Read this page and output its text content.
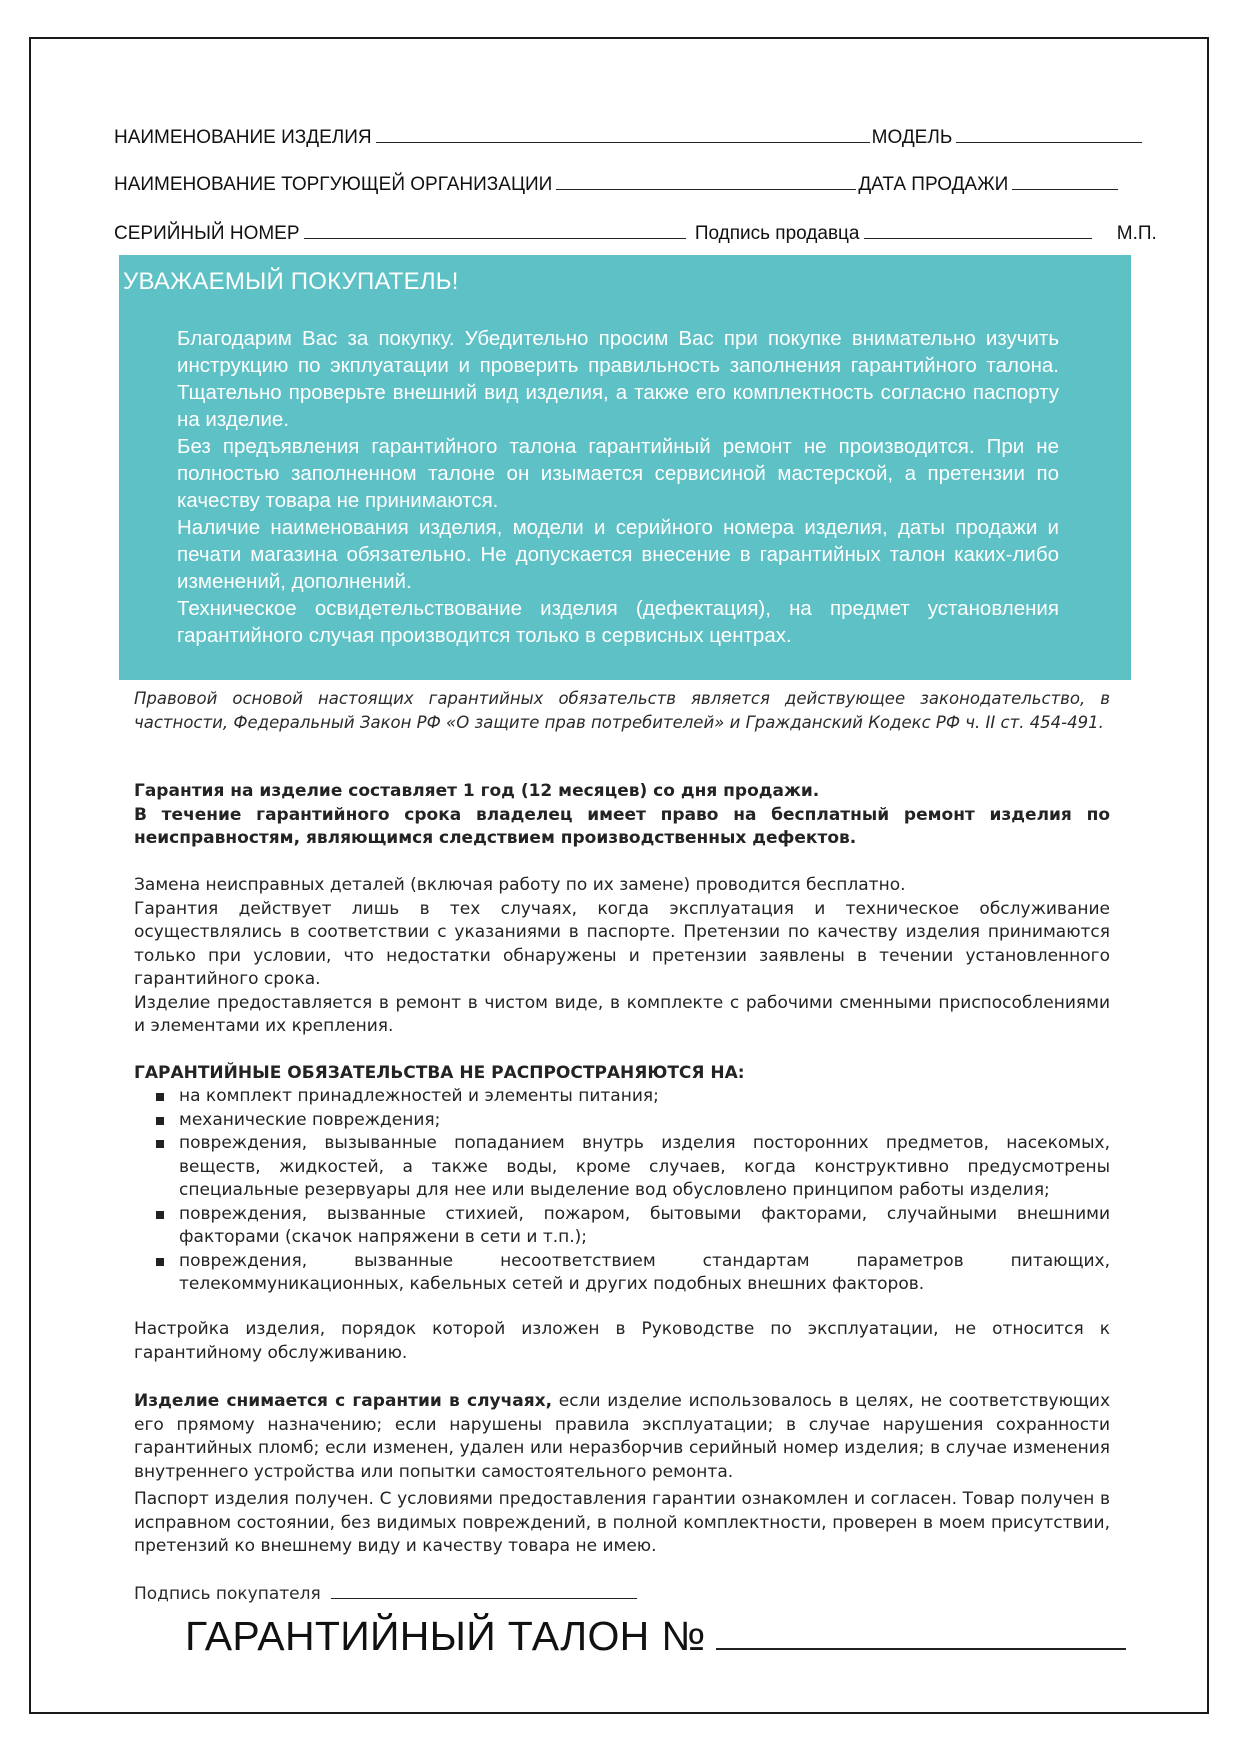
НАИМЕНОВАНИЕ ИЗДЕЛИЯ	МОДЕЛЬ
НАИМЕНОВАНИЕ ТОРГУЮЩЕЙ ОРГАНИЗАЦИИ	ДАТА ПРОДАЖИ
СЕРИЙНЫЙ НОМЕР	Подпись продавца	М.П.
УВАЖАЕМЫЙ ПОКУПАТЕЛЬ!

Благодарим Вас за покупку. Убедительно просим Вас при покупке внимательно изучить инструкцию по экплуатации и проверить правильность заполнения гарантийного талона. Тщательно проверьте внешний вид изделия, а также его комплектность согласно паспорту на изделие.

Без предъявления гарантийного талона гарантийный ремонт не производится. При не полностью заполненном талоне он изымается сервисиной мастерской, а претензии по качеству товара не принимаются.

Наличие наименования изделия, модели и серийного номера изделия, даты продажи и печати магазина обязательно. Не допускается внесение в гарантийных талон каких-либо изменений, дополнений.

Техническое освидетельствование изделия (дефектация), на предмет установления гарантийного случая производится только в сервисных центрах.

Правовой основой настоящих гарантийных обязательств является действующее законодательство, в частности, Федеральный Закон РФ «О защите прав потребителей» и Гражданский Кодекс РФ ч. II ст. 454-491.

Гарантия на изделие составляет 1 год (12 месяцев) со дня продажи.

В течение гарантийного срока владелец имеет право на бесплатный ремонт изделия по неисправностям, являющимся следствием производственных дефектов.

Замена неисправных деталей (включая работу по их замене) проводится бесплатно.

Гарантия действует лишь в тех случаях, когда эксплуатация и техническое обслуживание осуществлялись в соответствии с указаниями в паспорте. Претензии по качеству изделия принимаются только при условии, что недостатки обнаружены и претензии заявлены в течении установленного гарантийного срока.

Изделие предоставляется в ремонт в чистом виде, в комплекте с рабочими сменными приспособлениями и элементами их крепления.

ГАРАНТИЙНЫЕ ОБЯЗАТЕЛЬСТВА НЕ РАСПРОСТРАНЯЮТСЯ НА:
на комплект принадлежностей и элементы питания;
механические повреждения;
повреждения, вызыванные попаданием внутрь изделия посторонних предметов, насекомых, веществ, жидкостей, а также воды, кроме случаев, когда конструктивно предусмотрены специальные резервуары для нее или выделение вод обусловлено принципом работы изделия;
повреждения, вызванные стихией, пожаром, бытовыми факторами, случайными внешними факторами (скачок напряжени в сети и т.п.);
повреждения, вызванные несоответствием стандартам параметров питающих, телекоммуникационных, кабельных сетей и других подобных внешних факторов.
Настройка изделия, порядок которой изложен в Руководстве по эксплуатации, не относится к гарантийному обслуживанию.

Изделие снимается с гарантии в случаях, если изделие использовалось в целях, не соответствующих его прямому назначению; если нарушены правила эксплуатации; в случае нарушения сохранности гарантийных пломб; если изменен, удален или неразборчив серийный номер изделия; в случае изменения внутреннего устройства или попытки самостоятельного ремонта.

Паспорт изделия получен. С условиями предоставления гарантии ознакомлен и согласен. Товар получен в исправном состоянии, без видимых повреждений, в полной комплектности, проверен в моем присутствии, претензий ко внешнему виду и качеству товара не имею.
Подпись покупателя
ГАРАНТИЙНЫЙ ТАЛОН №
